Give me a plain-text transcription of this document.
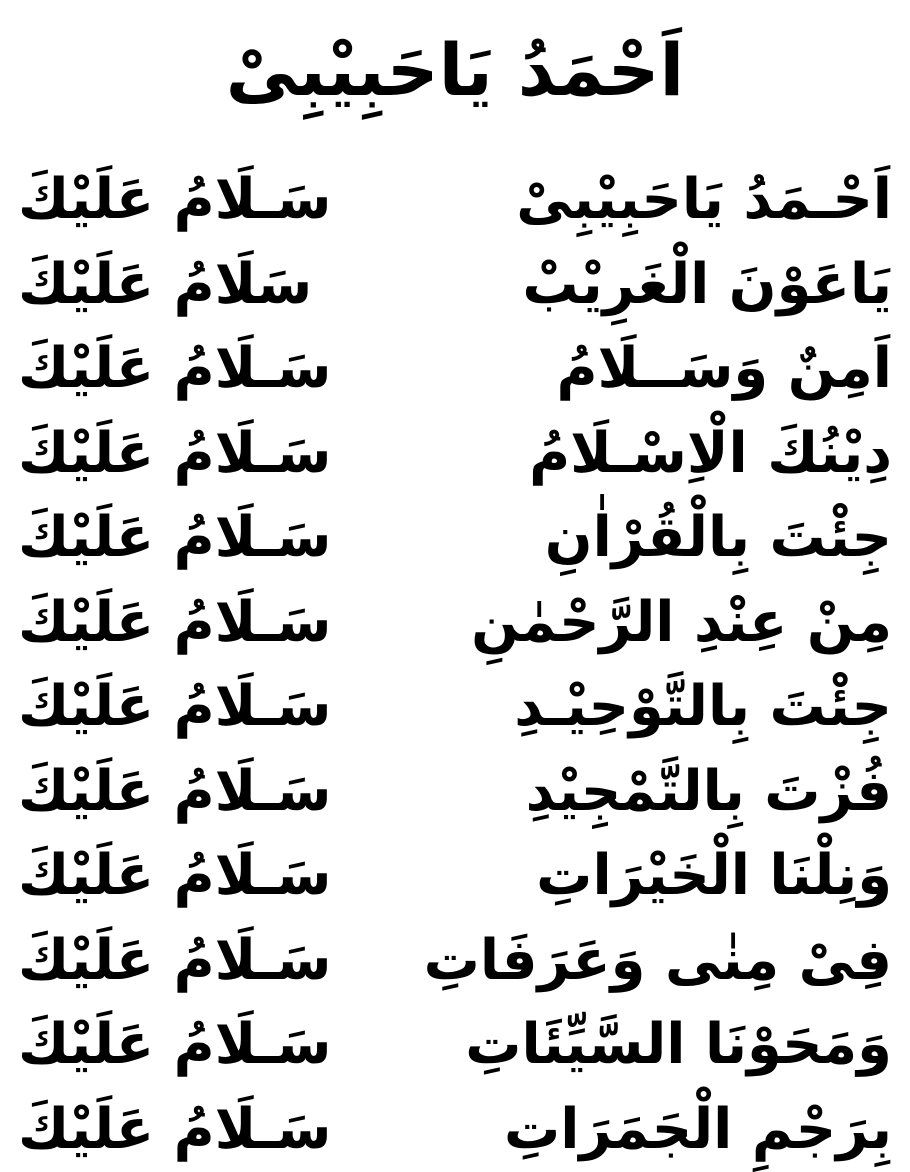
اَحْمَدُ يَاحَبِيْبِىْ
اَحْـمَدُ يَاحَبِيْبِىْ
سَـلَامُ عَلَيْكَ
يَاعَوْنَ الْغَرِيْبْ
سَلَامُ عَلَيْكَ
اَمِنٌ وَسَــلَامُ
سَـلَامُ عَلَيْكَ
دِيْنُكَ الْاِسْـلَامُ
سَـلَامُ عَلَيْكَ
جِئْتَ بِالْقُرْاٰنِ
سَـلَامُ عَلَيْكَ
مِنْ عِنْدِ الرَّحْمٰنِ
سَـلَامُ عَلَيْكَ
جِئْتَ بِالتَّوْحِيْـدِ
سَـلَامُ عَلَيْكَ
فُزْتَ بِالتَّمْجِيْدِ
سَـلَامُ عَلَيْكَ
وَنِلْنَا الْخَيْرَاتِ
سَـلَامُ عَلَيْكَ
فِىْ مِنٰى وَعَرَفَاتِ
سَـلَامُ عَلَيْكَ
وَمَحَوْنَا السَّيِّئَاتِ
سَـلَامُ عَلَيْكَ
بِرَجْمِ الْجَمَرَاتِ
سَـلَامُ عَلَيْكَ
